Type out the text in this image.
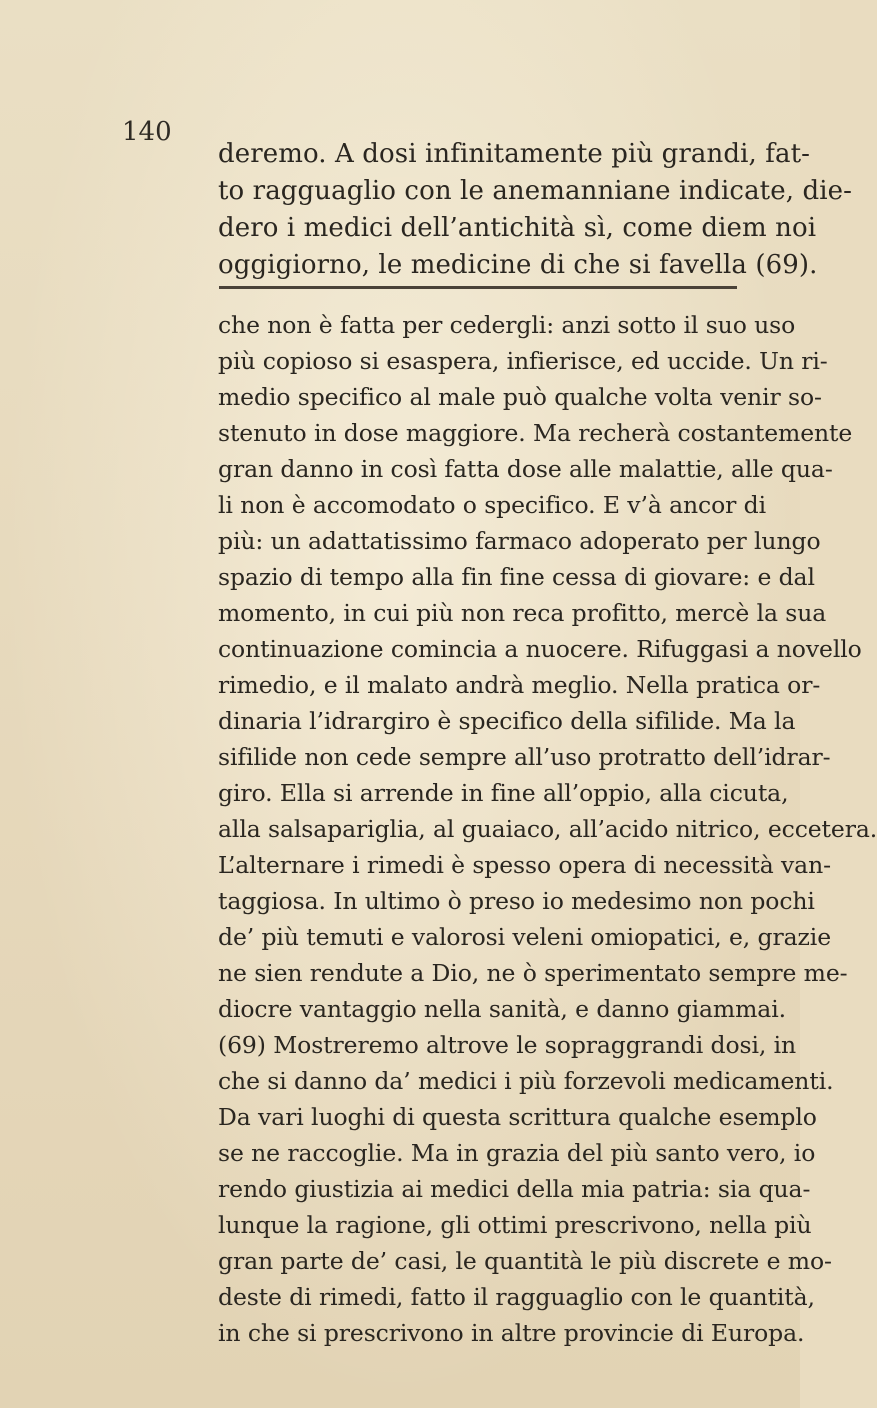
140
deremo. A dosi infinitamente più grandi, fat-
to ragguaglio con le anemanniane indicate, die-
dero i medici dell’antichità sì, come diem noi
oggigiorno, le medicine di che si favella (69).
che non è fatta per cedergli: anzi sotto il suo uso
più copioso si esaspera, infierisce, ed uccide. Un ri-
medio specifico al male può qualche volta venir so-
stenuto in dose maggiore. Ma recherà costantemente
gran danno in così fatta dose alle malattie, alle qua-
li non è accomodato o specifico. E v’à ancor di
più: un adattatissimo farmaco adoperato per lungo
spazio di tempo alla fin fine cessa di giovare: e dal
momento, in cui più non reca profitto, mercè la sua
continuazione comincia a nuocere. Rifuggasi a novello
rimedio, e il malato andrà meglio. Nella pratica or-
dinaria l’idrargiro è specifico della sifilide. Ma la
sifilide non cede sempre all’uso protratto dell’idrar-
giro. Ella si arrende in fine all’oppio, alla cicuta,
alla salsapariglia, al guaiaco, all’acido nitrico, eccetera.
L’alternare i rimedi è spesso opera di necessità van-
taggiosa. In ultimo ò preso io medesimo non pochi
de’ più temuti e valorosi veleni omiopatici, e, grazie
ne sien rendute a Dio, ne ò sperimentato sempre me-
diocre vantaggio nella sanità, e danno giammai.
(69) Mostreremo altrove le sopraggrandi dosi, in
che si danno da’ medici i più forzevoli medicamenti.
Da vari luoghi di questa scrittura qualche esemplo
se ne raccoglie. Ma in grazia del più santo vero, io
rendo giustizia ai medici della mia patria: sia qua-
lunque la ragione, gli ottimi prescrivono, nella più
gran parte de’ casi, le quantità le più discrete e mo-
deste di rimedi, fatto il ragguaglio con le quantità,
in che si prescrivono in altre provincie di Europa.
